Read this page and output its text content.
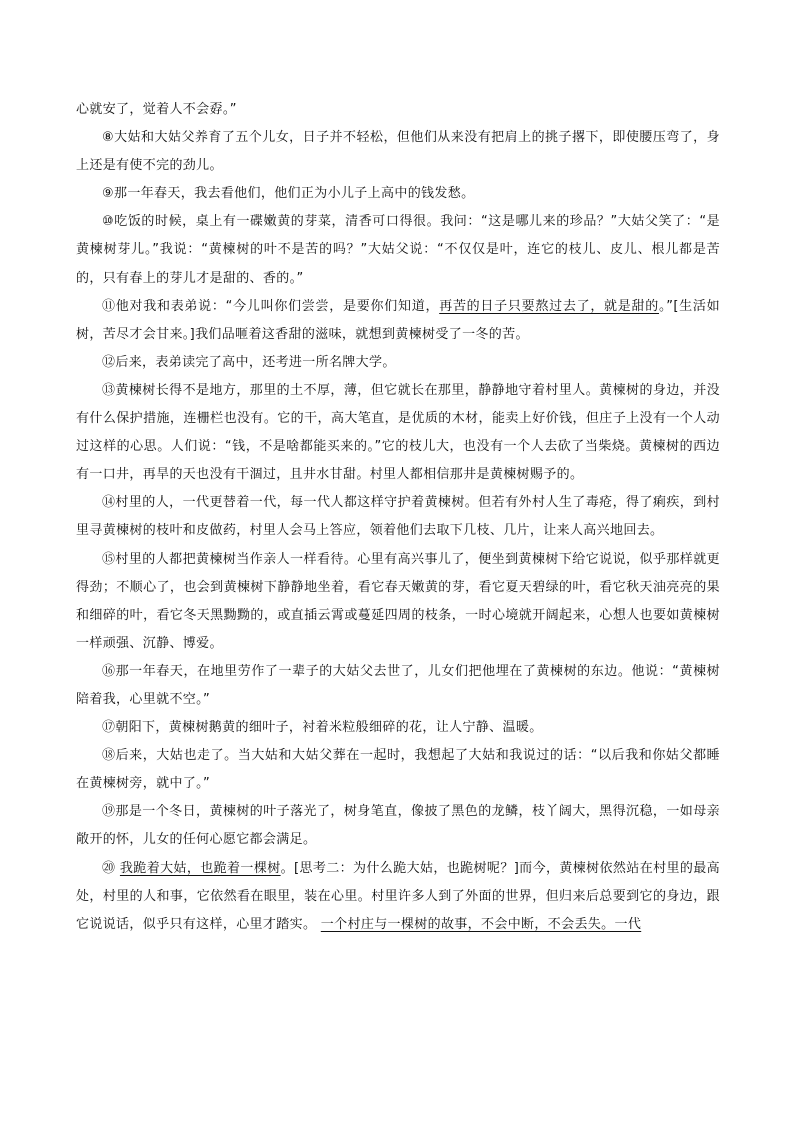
心就安了，觉着人不会孬。”

⑧大姑和大姑父养育了五个儿女，日子并不轻松，但他们从来没有把肩上的挑子撂下，即使腰压弯了，身上还是有使不完的劲儿。

⑨那一年春天，我去看他们，他们正为小儿子上高中的钱发愁。

⑩吃饭的时候，桌上有一碟嫩黄的芽菜，清香可口得很。我问：“这是哪儿来的珍品？”大姑父笑了：“是黄楝树芽儿。”我说：“黄楝树的叶不是苦的吗？”大姑父说：“不仅仅是叶，连它的枝儿、皮儿、根儿都是苦的，只有春上的芽儿才是甜的、香的。”

⑪他对我和表弟说：“今儿叫你们尝尝，是要你们知道，再苦的日子只要熬过去了，就是甜的。”[生活如树，苦尽才会甘来。]我们品咂着这香甜的滋味，就想到黄楝树受了一冬的苦。

⑫后来，表弟读完了高中，还考进一所名牌大学。

⑬黄楝树长得不是地方，那里的土不厚，薄，但它就长在那里，静静地守着村里人。黄楝树的身边，并没有什么保护措施，连栅栏也没有。它的干，高大笔直，是优质的木材，能卖上好价钱，但庄子上没有一个人动过这样的心思。人们说：“钱，不是啥都能买来的。”它的枝儿大，也没有一个人去砍了当柴烧。黄楝树的西边有一口井，再旱的天也没有干涸过，且井水甘甜。村里人都相信那井是黄楝树赐予的。

⑭村里的人，一代更替着一代，每一代人都这样守护着黄楝树。但若有外村人生了毒疮，得了痢疾，到村里寻黄楝树的枝叶和皮做药，村里人会马上答应，领着他们去取下几枝、几片，让来人高兴地回去。

⑮村里的人都把黄楝树当作亲人一样看待。心里有高兴事儿了，便坐到黄楝树下给它说说，似乎那样就更得劲；不顺心了，也会到黄楝树下静静地坐着，看它春天嫩黄的芽，看它夏天碧绿的叶，看它秋天油亮亮的果和细碎的叶，看它冬天黑黝黝的，或直插云霄或蔓延四周的枝条，一时心境就开阔起来，心想人也要如黄楝树一样顽强、沉静、博爱。

⑯那一年春天，在地里劳作了一辈子的大姑父去世了，儿女们把他埋在了黄楝树的东边。他说：“黄楝树陪着我，心里就不空。”

⑰朝阳下，黄楝树鹅黄的细叶子，衬着米粒般细碎的花，让人宁静、温暖。

⑱后来，大姑也走了。当大姑和大姑父葬在一起时，我想起了大姑和我说过的话：“以后我和你姑父都睡在黄楝树旁，就中了。”

⑲那是一个冬日，黄楝树的叶子落光了，树身笔直，像披了黑色的龙鳞，枝丫阔大，黑得沉稳，一如母亲敞开的怀，儿女的任何心愿它都会满足。

⑳ 我跪着大姑，也跪着一棵树。[思考二：为什么跪大姑，也跪树呢？]而今，黄楝树依然站在村里的最高处，村里的人和事，它依然看在眼里，装在心里。村里许多人到了外面的世界，但归来后总要到它的身边，跟它说说话，似乎只有这样，心里才踏实。 一个村庄与一棵树的故事，不会中断，不会丢失。一代
